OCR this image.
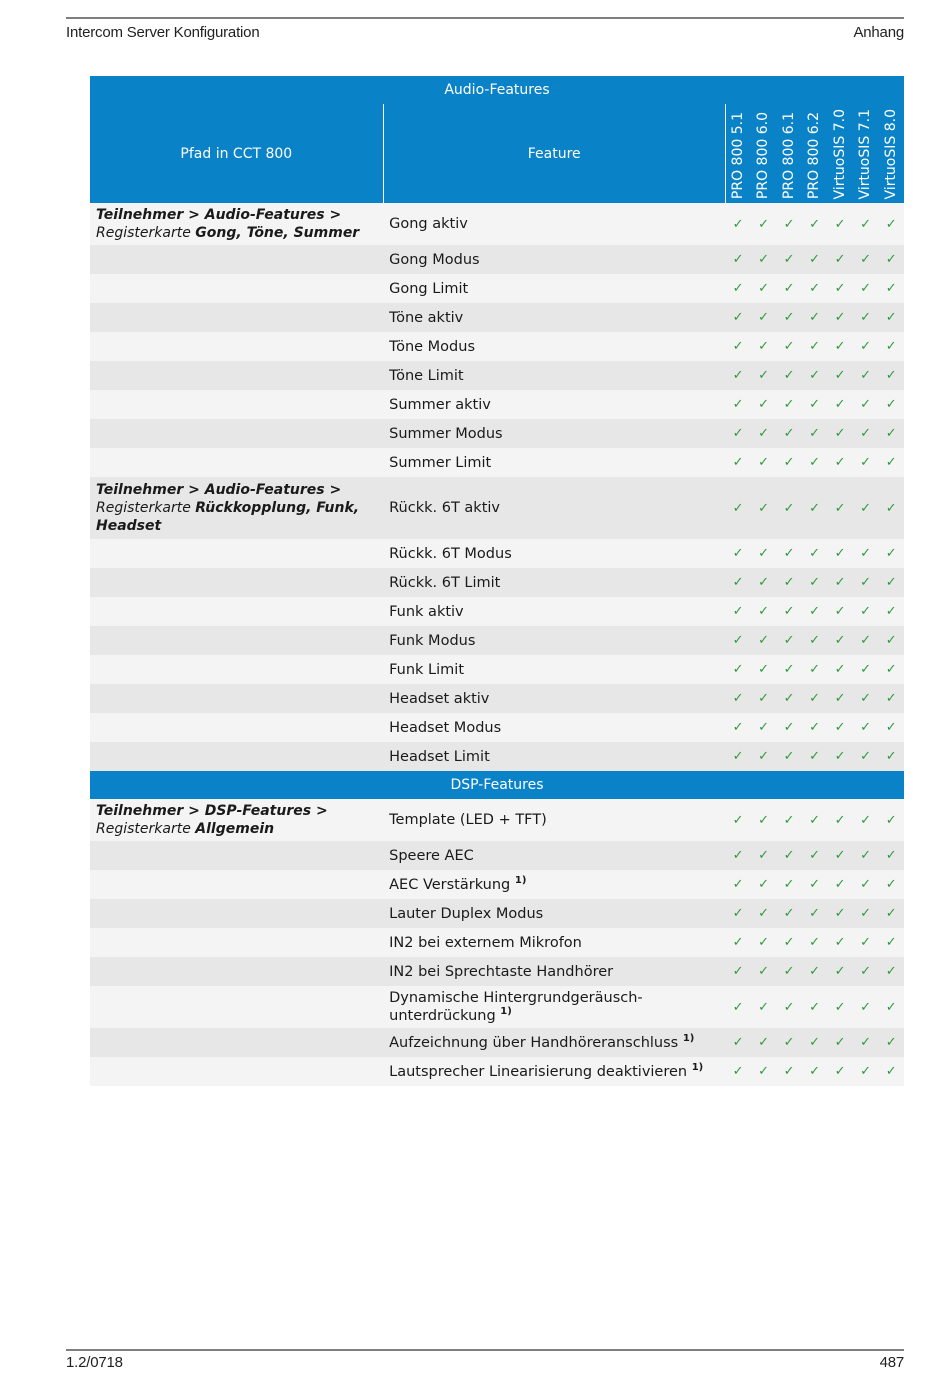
Intercom Server Konfiguration	Anhang
Audio-Features								
Pfad in CCT 800	Feature	PRO 800 5.1	PRO 800 6.0	PRO 800 6.1	PRO 800 6.2	VirtuoSIS 7.0	VirtuoSIS 7.1	VirtuoSIS 8.0

Teilnehmer > Audio-Features >
Registerkarte Gong, Töne, Summer	Gong aktiv	✓	✓	✓	✓	✓	✓	✓
	Gong Modus	✓	✓	✓	✓	✓	✓	✓
	Gong Limit	✓	✓	✓	✓	✓	✓	✓
	Töne aktiv	✓	✓	✓	✓	✓	✓	✓
	Töne Modus	✓	✓	✓	✓	✓	✓	✓
	Töne Limit	✓	✓	✓	✓	✓	✓	✓
	Summer aktiv	✓	✓	✓	✓	✓	✓	✓
	Summer Modus	✓	✓	✓	✓	✓	✓	✓
	Summer Limit	✓	✓	✓	✓	✓	✓	✓
Teilnehmer > Audio-Features >
Registerkarte Rückkopplung, Funk, Headset	Rückk. 6T aktiv	✓	✓	✓	✓	✓	✓	✓
	Rückk. 6T Modus	✓	✓	✓	✓	✓	✓	✓
	Rückk. 6T Limit	✓	✓	✓	✓	✓	✓	✓
	Funk aktiv	✓	✓	✓	✓	✓	✓	✓
	Funk Modus	✓	✓	✓	✓	✓	✓	✓
	Funk Limit	✓	✓	✓	✓	✓	✓	✓
	Headset aktiv	✓	✓	✓	✓	✓	✓	✓
	Headset Modus	✓	✓	✓	✓	✓	✓	✓
	Headset Limit	✓	✓	✓	✓	✓	✓	✓
DSP-Features								
Teilnehmer > DSP-Features >
Registerkarte Allgemein	Template (LED + TFT)	✓	✓	✓	✓	✓	✓	✓
	Speere AEC	✓	✓	✓	✓	✓	✓	✓
	AEC Verstärkung $^{1)}$	✓	✓	✓	✓	✓	✓	✓
	Lauter Duplex Modus	✓	✓	✓	✓	✓	✓	✓
	IN2 bei externem Mikrofon	✓	✓	✓	✓	✓	✓	✓
	IN2 bei Sprechtaste Handhörer	✓	✓	✓	✓	✓	✓	✓
	Dynamische Hintergrundgeräusch-unterdrückung $^{1)}$	✓	✓	✓	✓	✓	✓	✓
	Aufzeichnung über Handhöreranschluss $^{1)}$	✓	✓	✓	✓	✓	✓	✓
	Lautsprecher Linearisierung deaktivieren $^{1)}$	✓	✓	✓	✓	✓	✓	✓
1.2/0718	487
